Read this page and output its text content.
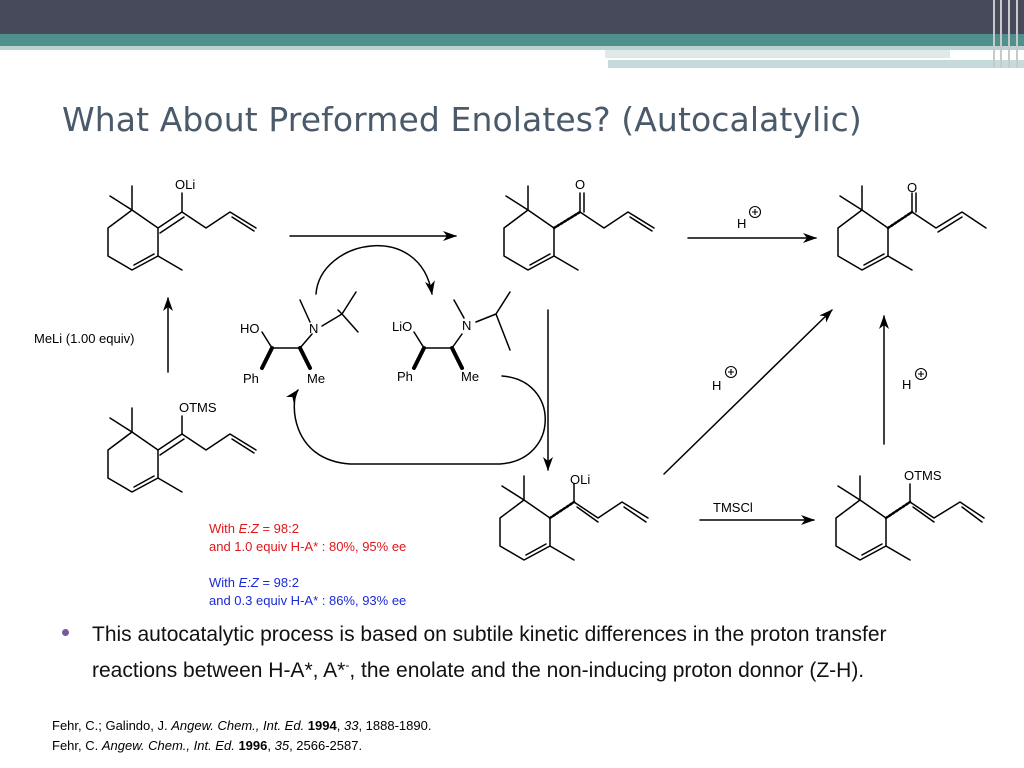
What About Preformed Enolates? (Autocalatylic)
OLi
OTMS
O	O
OLi	OTMS
MeLi (1.00 equiv)
H
H	H
TMSCl
HO	N
Ph	Me
LiO	N
Ph	Me
With E:Z = 98:2
and 1.0 equiv H-A* : 80%, 95% ee
With E:Z = 98:2
and 0.3 equiv H-A* : 86%, 93% ee
This autocatalytic process is based on subtile kinetic differences in the proton transfer reactions between H-A*, A*-, the enolate and the non-inducing proton donnor (Z-H).
Fehr, C.; Galindo, J. Angew. Chem., Int. Ed. 1994, 33, 1888-1890.
Fehr, C. Angew. Chem., Int. Ed. 1996, 35, 2566-2587.
